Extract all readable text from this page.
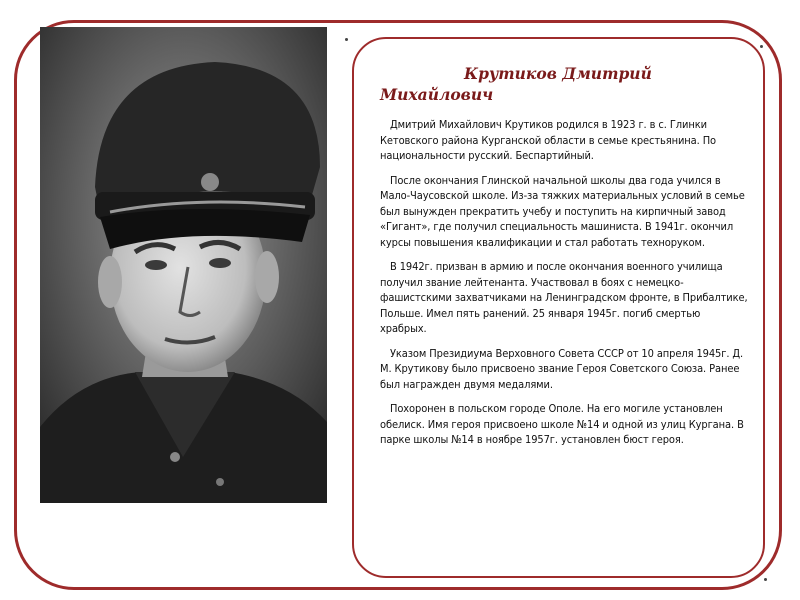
Крутиков Дмитрий
Михайлович

Дмитрий Михайлович Крутиков родился в 1923 г. в с. Глинки Кетовского района Курганской области в семье крестьянина. По национальности русский. Беспартийный.

После окончания Глинской начальной школы два года учился в Мало-Чаусовской школе. Из-за тяжких материальных условий в семье был вынужден прекратить учебу и поступить на кирпичный завод «Гигант», где получил специальность машиниста. В 1941г. окончил курсы повышения квалификации и стал работать техноруком.

В 1942г. призван в армию и после окончания военного училища получил звание лейтенанта. Участвовал в боях с немецко-фашистскими захватчиками на Ленинградском фронте, в Прибалтике, Польше. Имел пять ранений. 25 января 1945г. погиб смертью храбрых.

Указом Президиума Верховного Совета СССР от 10 апреля 1945г. Д. М. Крутикову было присвоено звание Героя Советского Союза. Ранее был награжден двумя медалями.

Похоронен в польском городе Ополе. На его могиле установлен обелиск. Имя героя присвоено школе №14 и одной из улиц Кургана. В парке школы №14 в ноябре 1957г. установлен бюст героя.
